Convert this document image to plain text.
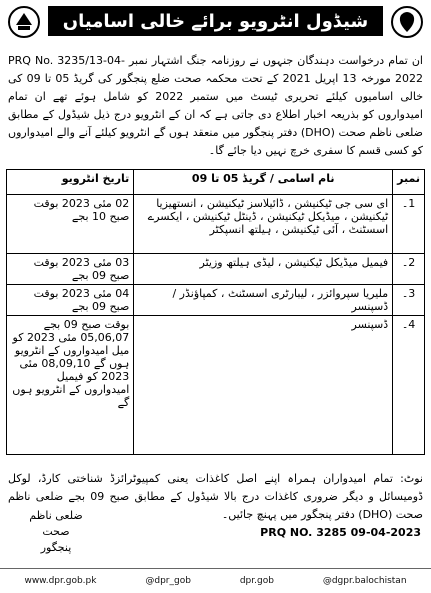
شیڈول انٹرویو برائے خالی اسامیاں

ان تمام درخواست دہندگان جنہوں نے روزنامہ جنگ اشتہار نمبر PRQ No. 3235/13-04-2022 مورخہ 13 اپریل 2021 کے تحت محکمہ صحت ضلع پنجگور کی گریڈ 05 تا 09 کی خالی اسامیوں کیلئے تحریری ٹیسٹ میں ستمبر 2022 کو شامل ہوئے تھے ان تمام امیدواروں کو بذریعہ اخبار اطلاع دی جاتی ہے کہ ان کے انٹرویو درج ذیل شیڈول کے مطابق ضلعی ناظم صحت (DHO) دفتر پنجگور میں منعقد ہوں گے انٹرویو کیلئے آنے والے امیدواروں کو کسی قسم کا سفری خرچ نہیں دیا جائے گا۔

نمبر	نام اسامی / گریڈ 05 تا 09	تاریخ انٹرویو
1۔	ای سی جی ٹیکنیشن ، ڈائیلاسز ٹیکنیشن ، انستھیزیا ٹیکنیشن ، میڈیکل ٹیکنیشن ، ڈینٹل ٹیکنیشن ، ایکسرے اسسٹنٹ ، آئی ٹیکنیشن ، ہیلتھ انسپکٹر	02 مئی 2023 بوقت صبح 10 بجے
2۔	فیمیل میڈیکل ٹیکنیشن ، لیڈی ہیلتھ وزیٹر	03 مئی 2023 بوقت صبح 09 بجے
3۔	ملیریا سپروائزر ، لیبارٹری اسسٹنٹ ، کمپاؤنڈر / ڈسپنسر	04 مئی 2023 بوقت صبح 09 بجے
4۔	ڈسپنسر	بوقت صبح 09 بجے 05,06,07 مئی 2023 کو میل امیدواروں کے انٹرویو ہوں گے 08,09,10 مئی 2023 کو فیمیل امیدواروں کے انٹرویو ہوں گے
نوٹ: تمام امیدواران ہمراہ اپنے اصل کاغذات یعنی کمپیوٹرائزڈ شناختی کارڈ، لوکل ڈومیسائل و دیگر ضروری کاغذات درج بالا شیڈول کے مطابق صبح 09 بجے ضلعی ناظم صحت (DHO) دفتر پنجگور میں پہنچ جائیں۔
ضلعی ناظم صحت
پنجگور
PRQ NO. 3285 09-04-2023
www.dpr.gob.pk	@dpr_gob	dpr.gob	@dgpr.balochistan
